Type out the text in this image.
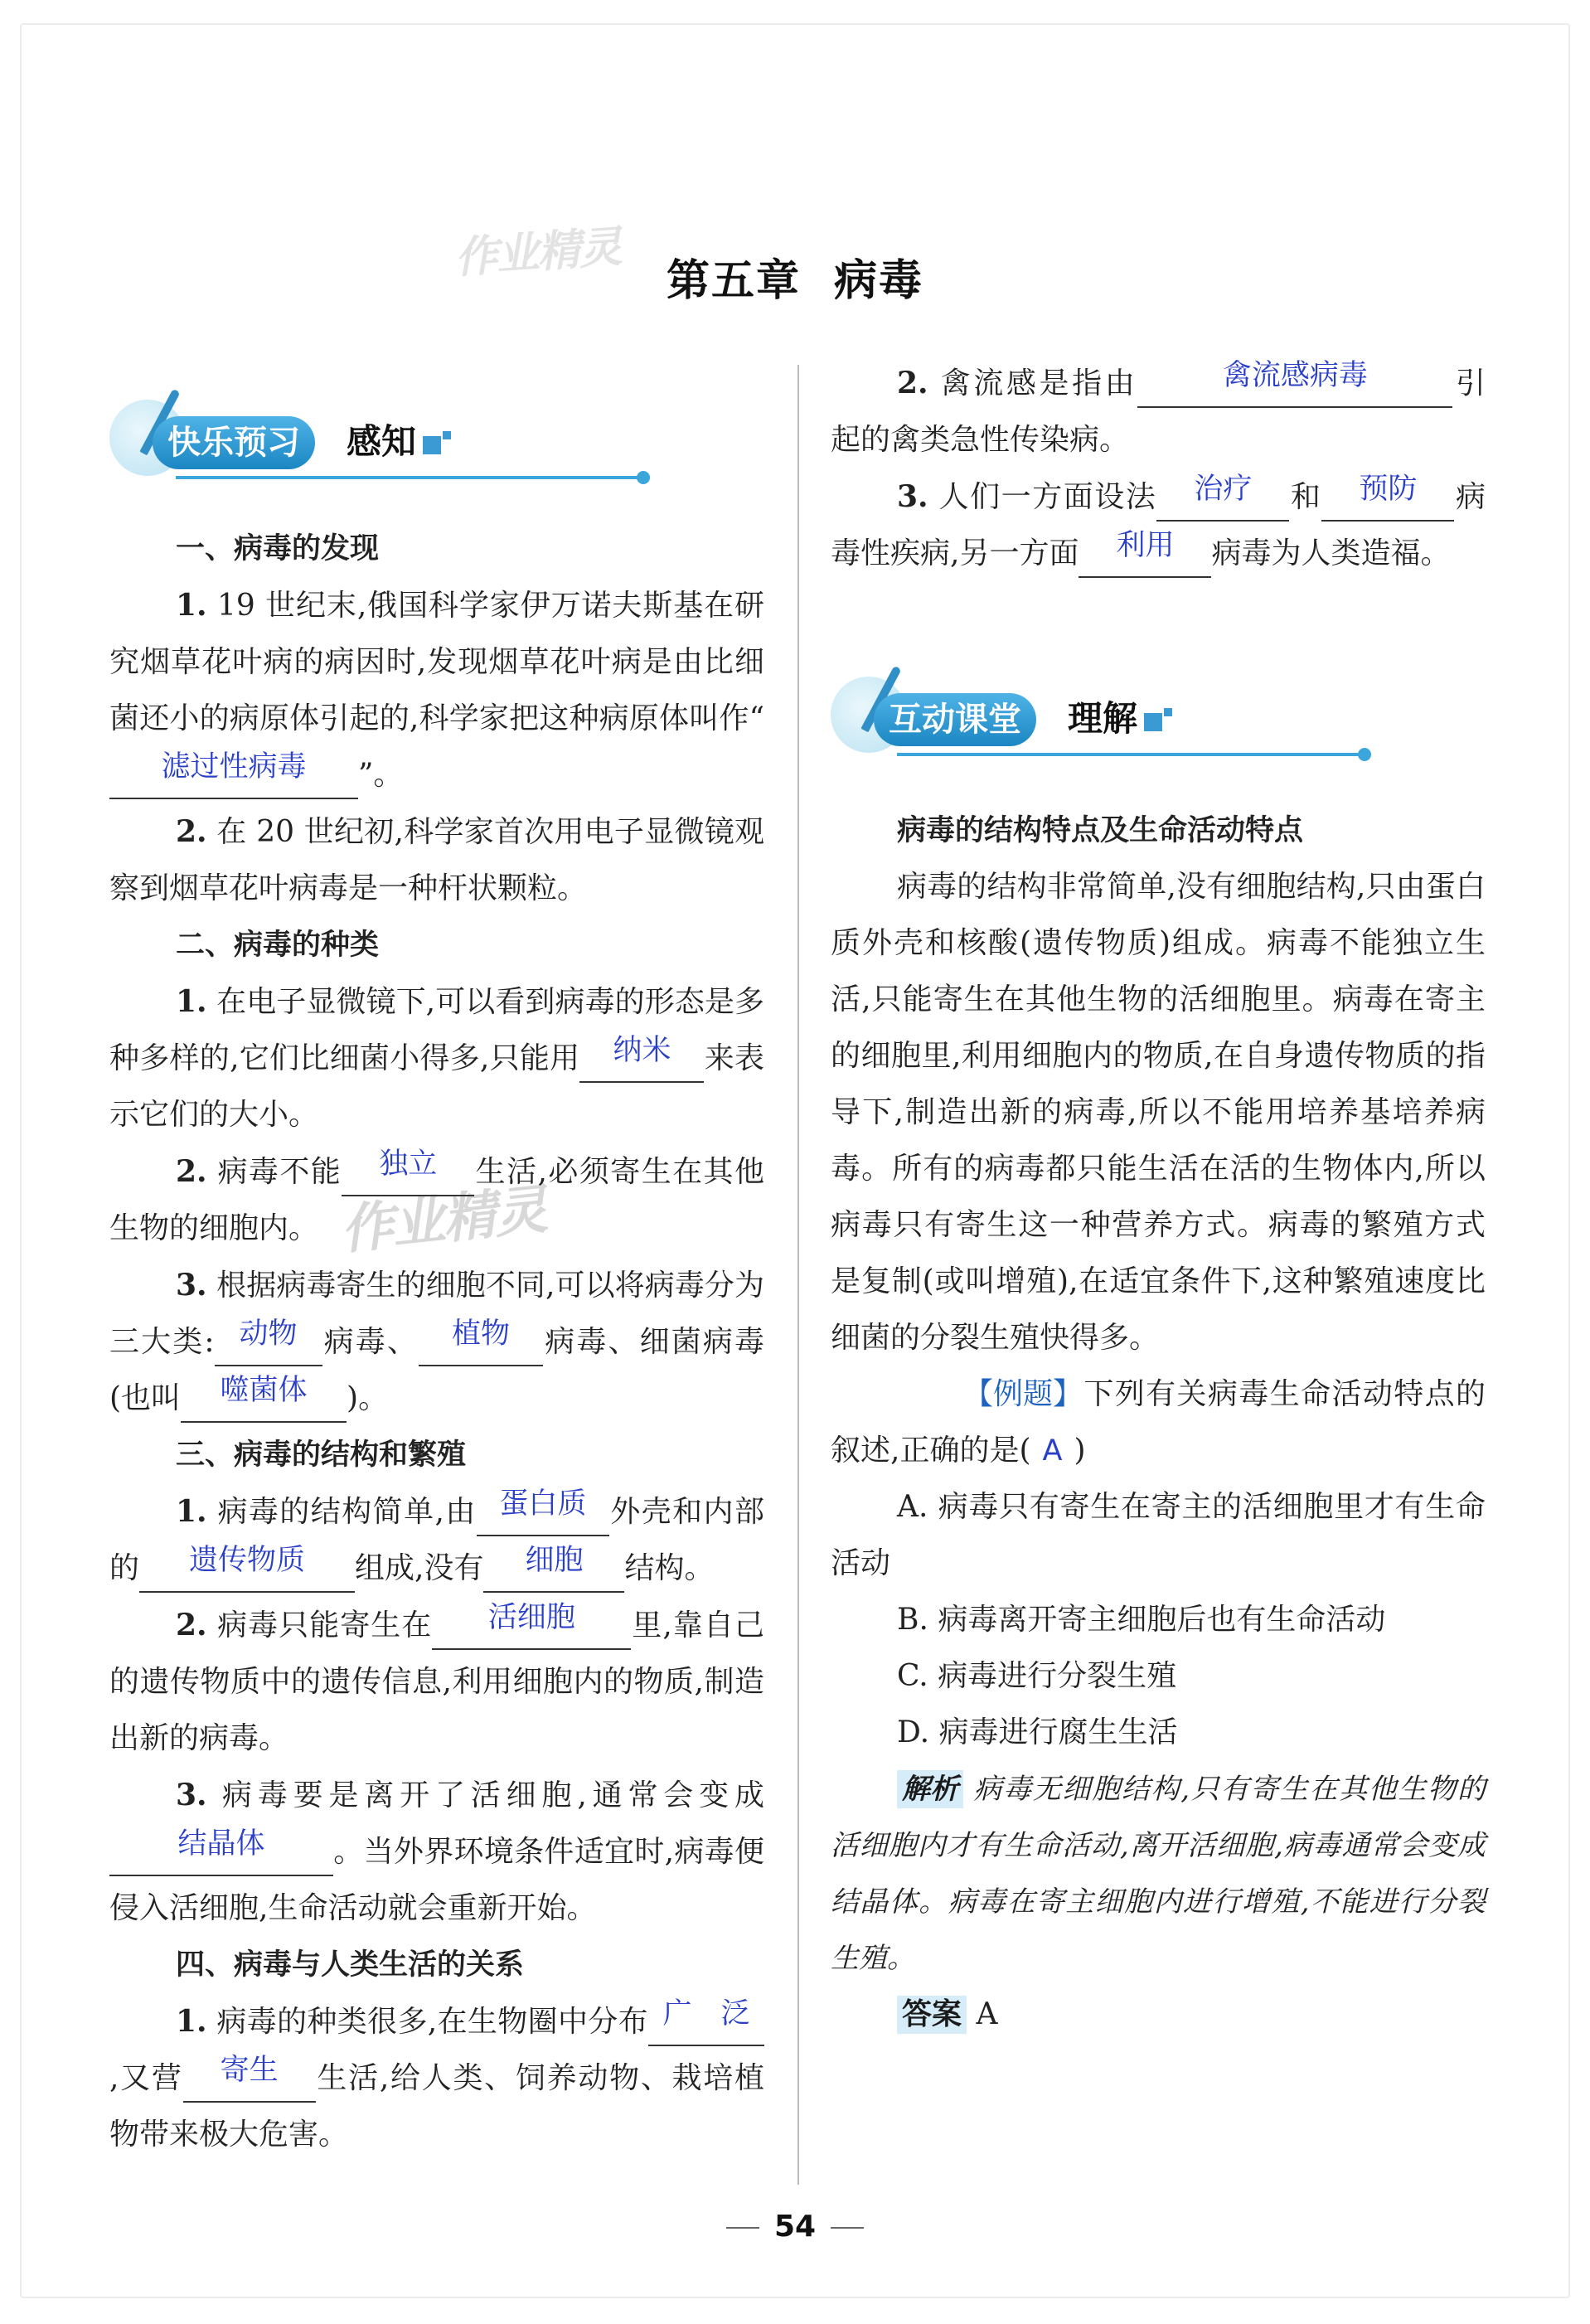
作业精灵
作业精灵
第五章 病毒
快乐预习	感知

一、病毒的发现

1. 19 世纪末,俄国科学家伊万诺夫斯基在研究烟草花叶病的病因时,发现烟草花叶病是由比细菌还小的病原体引起的,科学家把这种病原体叫作“滤过性病毒 ”。

2. 在 20 世纪初,科学家首次用电子显微镜观察到烟草花叶病毒是一种杆状颗粒。

二、病毒的种类

1. 在电子显微镜下,可以看到病毒的形态是多种多样的,它们比细菌小得多,只能用 纳米 来表示它们的大小。

2. 病毒不能 独立 生活,必须寄生在其他生物的细胞内。

3. 根据病毒寄生的细胞不同,可以将病毒分为三大类: 动物 病毒、 植物 病毒、细菌病毒(也叫 噬菌体 )。

三、病毒的结构和繁殖

1. 病毒的结构简单,由 蛋白质 外壳和内部的 遗传物质 组成,没有 细胞 结构。

2. 病毒只能寄生在 活细胞 里,靠自己的遗传物质中的遗传信息,利用细胞内的物质,制造出新的病毒。

3. 病毒要是离开了活细胞,通常会变成结晶体 。当外界环境条件适宜时,病毒便侵入活细胞,生命活动就会重新开始。

四、病毒与人类生活的关系

1. 病毒的种类很多,在生物圈中分布 广 泛,又营 寄生 生活,给人类、饲养动物、栽培植物带来极大危害。

2. 禽流感是指由	禽流感病毒	引起的禽类急性传染病。

3. 人们一方面设法 治疗 和 预防 病毒性疾病,另一方面 利用 病毒为人类造福。

互动课堂	理解

病毒的结构特点及生命活动特点

病毒的结构非常简单,没有细胞结构,只由蛋白质外壳和核酸(遗传物质)组成。病毒不能独立生活,只能寄生在其他生物的活细胞里。病毒在寄主的细胞里,利用细胞内的物质,在自身遗传物质的指导下,制造出新的病毒,所以不能用培养基培养病毒。所有的病毒都只能生活在活的生物体内,所以病毒只有寄生这一种营养方式。病毒的繁殖方式是复制(或叫增殖),在适宜条件下,这种繁殖速度比细菌的分裂生殖快得多。

【例题】下列有关病毒生命活动特点的叙述,正确的是( A )

A. 病毒只有寄生在寄主的活细胞里才有生命活动

B. 病毒离开寄主细胞后也有生命活动

C. 病毒进行分裂生殖

D. 病毒进行腐生生活

解析 病毒无细胞结构,只有寄生在其他生物的活细胞内才有生命活动,离开活细胞,病毒通常会变成结晶体。病毒在寄主细胞内进行增殖,不能进行分裂生殖。

答案 A

54
